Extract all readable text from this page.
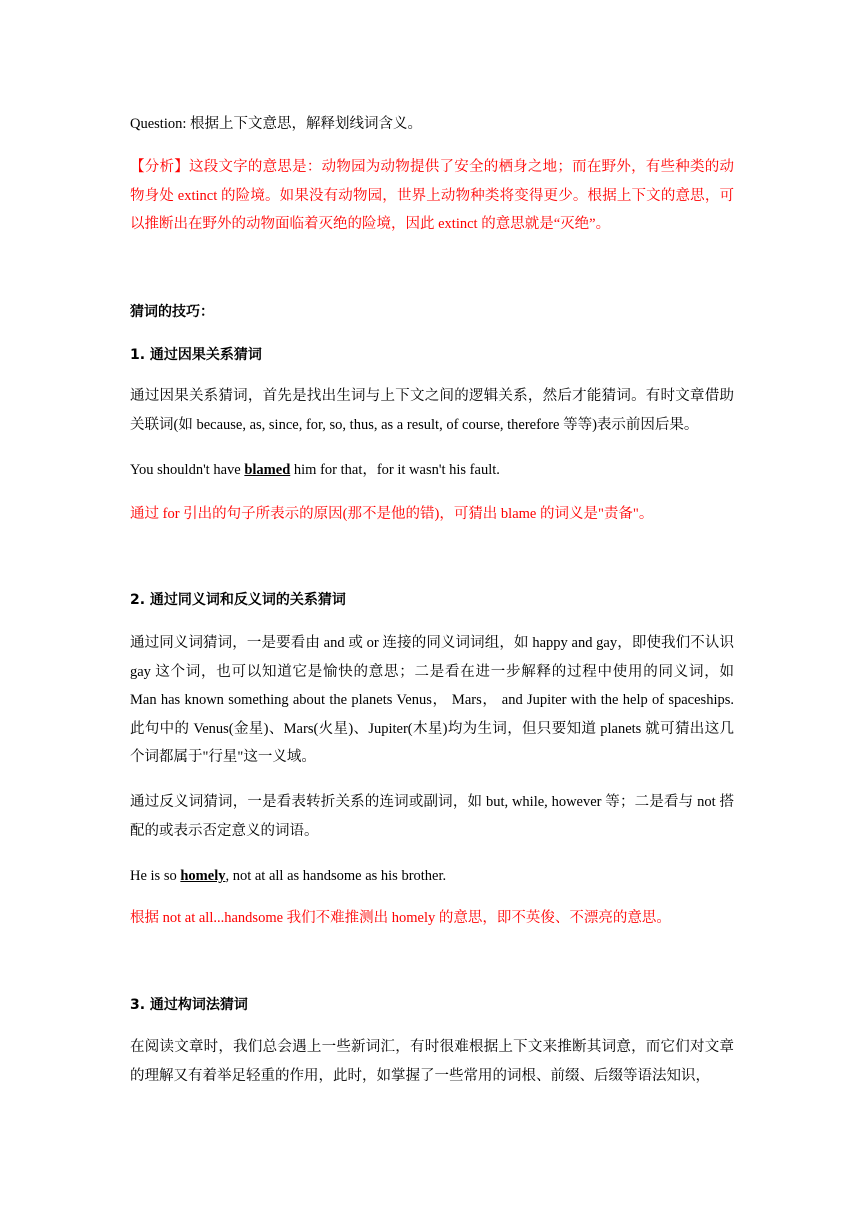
Question: 根据上下文意思，解释划线词含义。

【分析】这段文字的意思是：动物园为动物提供了安全的栖身之地；而在野外，有些种类的动物身处 extinct 的险境。如果没有动物园，世界上动物种类将变得更少。根据上下文的意思，可以推断出在野外的动物面临着灭绝的险境，因此 extinct 的意思就是“灭绝”。

猜词的技巧：

1. 通过因果关系猜词

通过因果关系猜词，首先是找出生词与上下文之间的逻辑关系，然后才能猜词。有时文章借助关联词(如 because, as, since, for, so, thus, as a result, of course, therefore 等等)表示前因后果。

You shouldn't have blamed him for that，for it wasn't his fault.

通过 for 引出的句子所表示的原因(那不是他的错)，可猜出 blame 的词义是"责备"。

2. 通过同义词和反义词的关系猜词

通过同义词猜词，一是要看由 and 或 or 连接的同义词词组，如 happy and gay，即使我们不认识 gay 这个词，也可以知道它是愉快的意思；二是看在进一步解释的过程中使用的同义词，如 Man has known something about the planets Venus， Mars， and Jupiter with the help of spaceships.此句中的 Venus(金星)、Mars(火星)、Jupiter(木星)均为生词，但只要知道 planets 就可猜出这几个词都属于"行星"这一义域。

通过反义词猜词，一是看表转折关系的连词或副词，如 but, while, however 等；二是看与 not 搭配的或表示否定意义的词语。

He is so homely, not at all as handsome as his brother.

根据 not at all...handsome 我们不难推测出 homely 的意思，即不英俊、不漂亮的意思。

3. 通过构词法猜词

在阅读文章时，我们总会遇上一些新词汇，有时很难根据上下文来推断其词意，而它们对文章的理解又有着举足轻重的作用，此时，如掌握了一些常用的词根、前缀、后缀等语法知识，
